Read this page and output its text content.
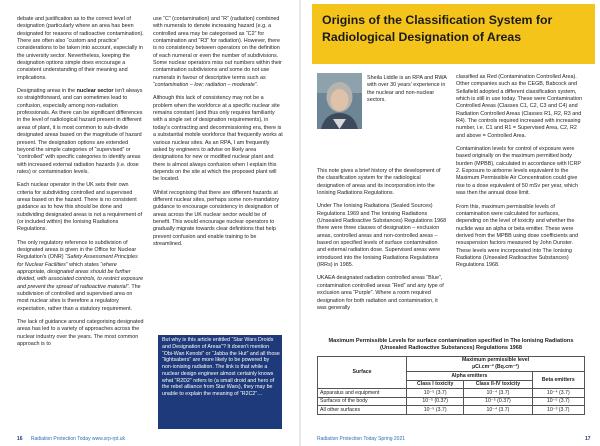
debate and justification as to the correct level of designation (particularly where an area has been designated for reasons of radioactive contamination). There are often also “custom and practice” considerations to be taken into account, especially in the university sector. Nevertheless, keeping the designation options simple does encourage a consistent understanding of their meaning and implications.

Designating areas in the nuclear sector isn't always so straightforward, and can sometimes lead to confusion, especially among non-radiation professionals. As there can be significant differences in the level of radiological hazard present in different areas of plant, it is most common to sub-divide designated areas based on the magnitude of hazard present. The designation options are extended beyond the simple categories of “supervised” or “controlled” with specific categories to identify areas with increased external radiation hazards (i.e. dose rates) or contamination levels.

Each nuclear operator in the UK sets their own criteria for subdividing controlled and supervised areas based on the hazard. There is no consistent guidance as to how this should be done and subdividing designated areas is not a requirement of (or included within) the Ionising Radiations Regulations.

The only regulatory reference to subdivision of designated areas is given in the Office for Nuclear Regulation's (ONR) “Safety Assessment Principles for Nuclear Facilities” which states “where appropriate, designated areas should be further divided, with associated controls, to restrict exposure and prevent the spread of radioactive material”. The subdivision of controlled and supervised area on most nuclear sites is therefore a regulatory expectation, rather than a statutory requirement.

The lack of guidance around categorising designated areas has led to a variety of approaches across the nuclear industry over the years. The most common approach is to

use “C” (contamination) and “R” (radiation) combined with numerals to denote increasing hazard (e.g. a controlled area may be categorised as “C2” for contamination and “R3” for radiation). However, there is no consistency between operators on the definition of each numeral or even the number of subdivisions. Some nuclear operators miss out numbers within their contamination subdivisions and some do not use numerals in favour of descriptive terms such as “contamination – low; radiation – moderate”.

Although this lack of consistency may not be a problem when the workforce at a specific nuclear site remains constant (and thus only requires familiarity with a single set of designation requirements), in today's contracting and decommissioning era, there is a substantial mobile workforce that frequently works at various nuclear sites. As an RPA, I am frequently asked by engineers to advise on likely area designations for new or modified nuclear plant and there is almost always confusion when I explain this depends on the site at which the proposed plant will be located.

Whilst recognising that there are different hazards at different nuclear sites, perhaps some non-mandatory guidance to encourage consistency in designation of areas across the UK nuclear sector would be of benefit. This would encourage nuclear operators to gradually migrate towards clear definitions that help prevent confusion and enable training to be streamlined.

But why is this article entitled “Star Wars Droids and Designation of Areas”? It doesn't mention “Obi-Wan Kenobi” or “Jabba the Hut” and all those “lightsabers” are more likely to be powered by non-ionising radiation. The link is that while a nuclear design engineer almost certainly knows what “R2D2” refers to (a small droid and hero of the rebel alliance from Star Wars), they may be unable to explain the meaning of “R2C2”…
16 Radiation Protection Today www.srp-rpt.uk
Origins of the Classification System for Radiological Designation of Areas
Sheila Liddle is an RPA and RWA with over 30 years' experience in the nuclear and non-nuclear sectors.

This note gives a brief history of the development of the classification system for the radiological designation of areas and its incorporation into the Ionising Radiations Regulations.

Under The Ionising Radiations (Sealed Sources) Regulations 1969 and The Ionising Radiations (Unsealed Radioactive Substances) Regulations 1968 there were three classes of designation – exclusion areas, controlled areas and non-controlled areas – based on specified levels of surface contamination and external radiation dose. Supervised areas were introduced into the Ionising Radiations Regulations (IRRs) in 1985.

UKAEA designated radiation controlled areas “Blue”, contamination controlled areas “Red” and any type of exclusion area “Purple”. Where a room required designation for both radiation and contamination, it was generally

classified as Red (Contamination Controlled Area). Other companies such as the CEGB, Babcock and Sellafield adopted a different classification system, which is still in use today. These were Contamination Controlled Areas (Classes C1, C2, C3 and C4) and Radiation Controlled Areas (Classes R1, R2, R3 and R4). The controls required increased with increasing number, i.e. C1 and R1 = Supervised Area, C2, R2 and above = Controlled Area.

Contamination levels for control of exposure were based originally on the maximum permitted body burden (MPBB), calculated in accordance with ICRP 2. Exposure to airborne levels equivalent to the Maximum Permissible Air Concentration could give rise to a dose equivalent of 50 mSv per year, which was then the annual dose limit.

From this, maximum permissible levels of contamination were calculated for surfaces, depending on the level of toxicity and whether the nuclide was an alpha or beta emitter. These were derived from the MPBB using dose coefficients and resuspension factors measured by John Dunster. These levels were incorporated into The Ionising Radiations (Unsealed Radioactive Substances) Regulations 1968.

Maximum Permissible Levels for surface contamination specified in The Ionising Radiations (Unsealed Radioactive Substances) Regulations 1968
Surface	Maximum permissible level
µCi.cm⁻² (Bq.cm⁻²)		
	Alpha emitters		Beta emitters
	Class I toxicity	Class II-IV toxicity	
Apparatus and equipment	10⁻⁵ (3.7)	10⁻⁴ (3.7)	10⁻⁴ (3.7)
Surfaces of the body	10⁻⁵ (0.37)	10⁻⁵ (0.37)	10⁻⁵ (3.7)
All other surfaces	10⁻⁵ (3.7)	10⁻⁴ (3.7)	10⁻³ (3.7)
Radiation Protection Today Spring 2021	17
